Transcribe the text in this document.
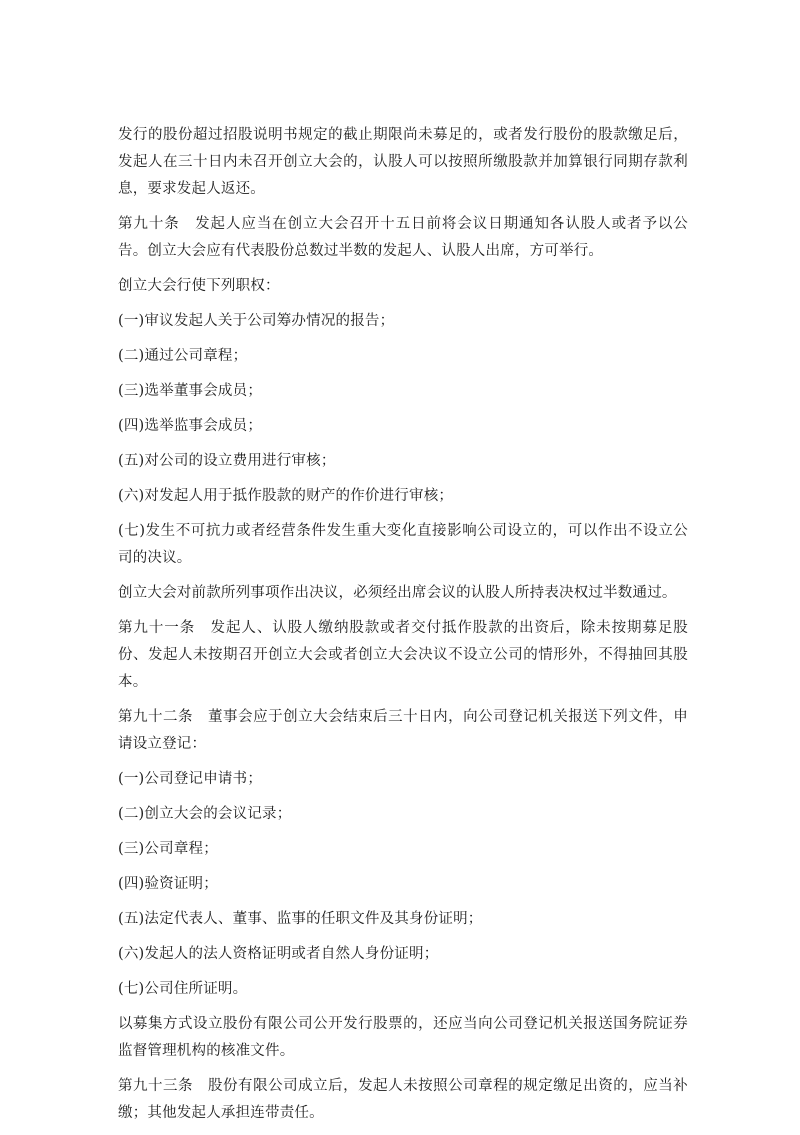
发行的股份超过招股说明书规定的截止期限尚未募足的，或者发行股份的股款缴足后，发起人在三十日内未召开创立大会的，认股人可以按照所缴股款并加算银行同期存款利息，要求发起人返还。

第九十条　发起人应当在创立大会召开十五日前将会议日期通知各认股人或者予以公告。创立大会应有代表股份总数过半数的发起人、认股人出席，方可举行。

创立大会行使下列职权：

(一)审议发起人关于公司筹办情况的报告；

(二)通过公司章程；

(三)选举董事会成员；

(四)选举监事会成员；

(五)对公司的设立费用进行审核；

(六)对发起人用于抵作股款的财产的作价进行审核；

(七)发生不可抗力或者经营条件发生重大变化直接影响公司设立的，可以作出不设立公司的决议。

创立大会对前款所列事项作出决议，必须经出席会议的认股人所持表决权过半数通过。

第九十一条　发起人、认股人缴纳股款或者交付抵作股款的出资后，除未按期募足股份、发起人未按期召开创立大会或者创立大会决议不设立公司的情形外，不得抽回其股本。

第九十二条　董事会应于创立大会结束后三十日内，向公司登记机关报送下列文件，申请设立登记：

(一)公司登记申请书；

(二)创立大会的会议记录；

(三)公司章程；

(四)验资证明；

(五)法定代表人、董事、监事的任职文件及其身份证明；

(六)发起人的法人资格证明或者自然人身份证明；

(七)公司住所证明。

以募集方式设立股份有限公司公开发行股票的，还应当向公司登记机关报送国务院证券监督管理机构的核准文件。

第九十三条　股份有限公司成立后，发起人未按照公司章程的规定缴足出资的，应当补缴；其他发起人承担连带责任。
